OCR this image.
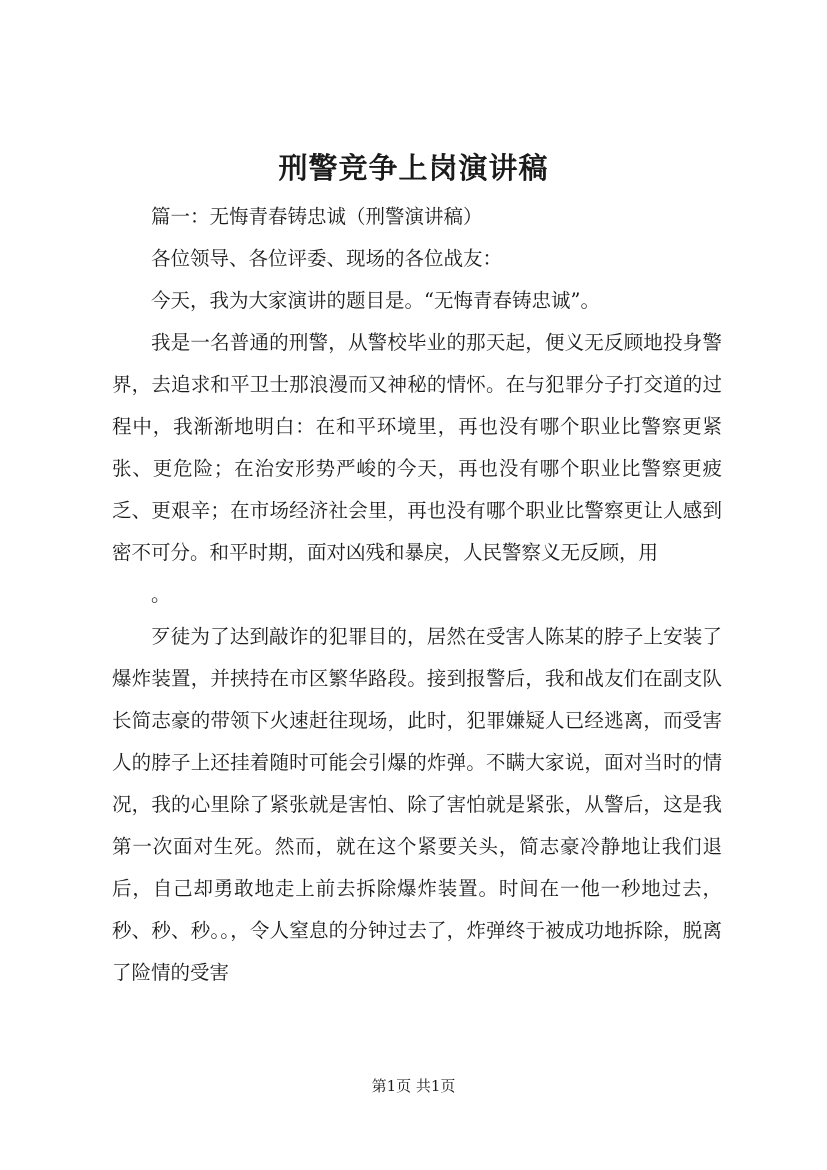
刑警竞争上岗演讲稿

篇一：无悔青春铸忠诚（刑警演讲稿）

各位领导、各位评委、现场的各位战友：

今天，我为大家演讲的题目是。“无悔青春铸忠诚”。

我是一名普通的刑警，从警校毕业的那天起，便义无反顾地投身警界，去追求和平卫士那浪漫而又神秘的情怀。在与犯罪分子打交道的过程中，我渐渐地明白：在和平环境里，再也没有哪个职业比警察更紧张、更危险；在治安形势严峻的今天，再也没有哪个职业比警察更疲乏、更艰辛；在市场经济社会里，再也没有哪个职业比警察更让人感到密不可分。和平时期，面对凶残和暴戾，人民警察义无反顾，用

。

歹徒为了达到敲诈的犯罪目的，居然在受害人陈某的脖子上安装了爆炸装置，并挟持在市区繁华路段。接到报警后，我和战友们在副支队长简志豪的带领下火速赶往现场，此时，犯罪嫌疑人已经逃离，而受害人的脖子上还挂着随时可能会引爆的炸弹。不瞒大家说，面对当时的情况，我的心里除了紧张就是害怕、除了害怕就是紧张，从警后，这是我第一次面对生死。然而，就在这个紧要关头，简志豪冷静地让我们退后，自己却勇敢地走上前去拆除爆炸装置。时间在一他一秒地过去，秒、秒、秒。。，令人窒息的分钟过去了，炸弹终于被成功地拆除，脱离了险情的受害

第1页 共1页
